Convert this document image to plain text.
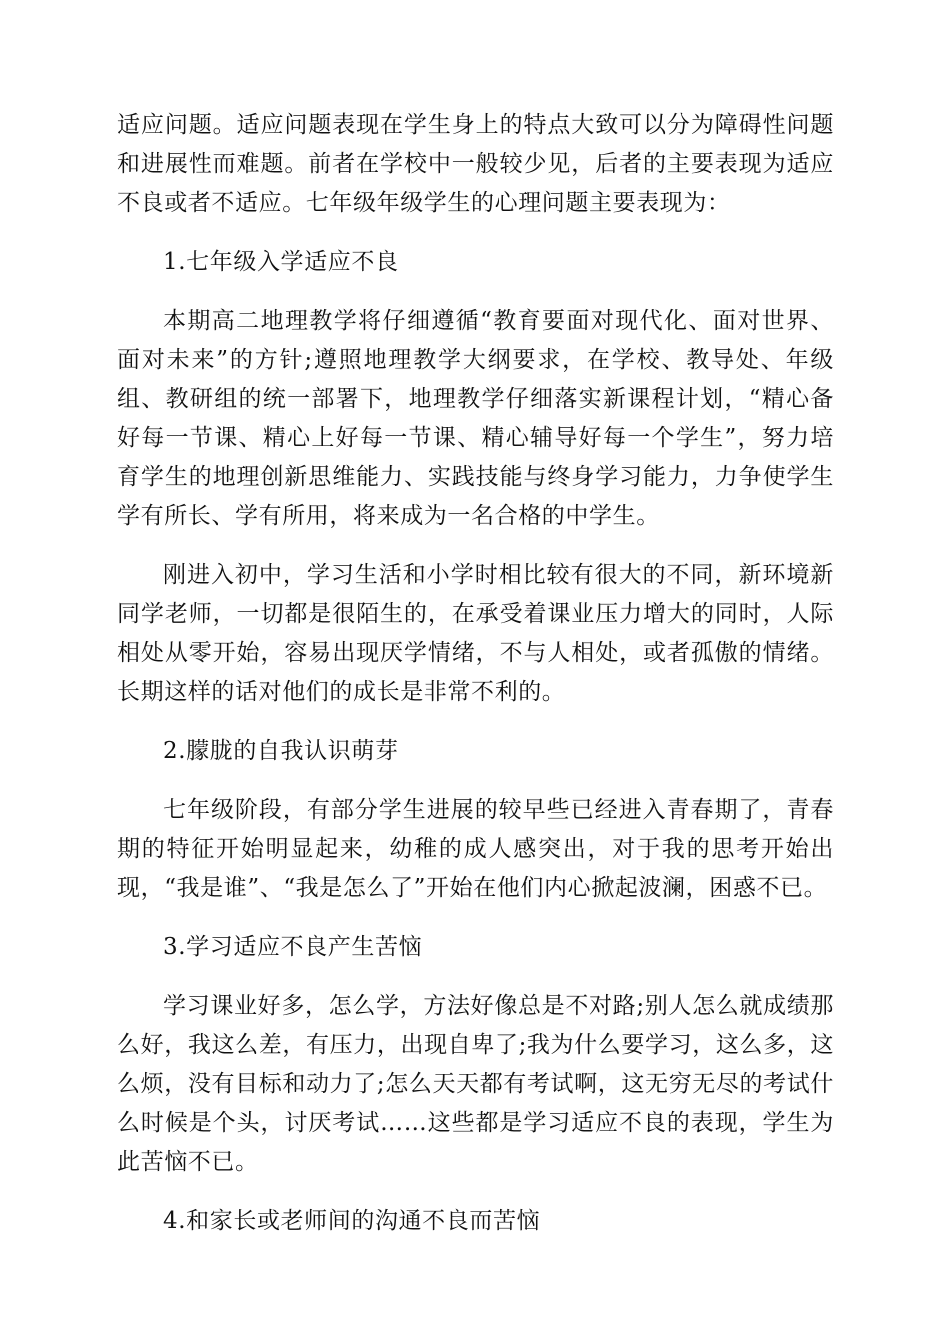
适应问题。适应问题表现在学生身上的特点大致可以分为障碍性问题和进展性而难题。前者在学校中一般较少见，后者的主要表现为适应不良或者不适应。七年级年级学生的心理问题主要表现为：

1.七年级入学适应不良

本期高二地理教学将仔细遵循“教育要面对现代化、面对世界、面对未来”的方针;遵照地理教学大纲要求，在学校、教导处、年级组、教研组的统一部署下，地理教学仔细落实新课程计划，“精心备好每一节课、精心上好每一节课、精心辅导好每一个学生”，努力培育学生的地理创新思维能力、实践技能与终身学习能力，力争使学生学有所长、学有所用，将来成为一名合格的中学生。

刚进入初中，学习生活和小学时相比较有很大的不同，新环境新同学老师，一切都是很陌生的，在承受着课业压力增大的同时，人际相处从零开始，容易出现厌学情绪，不与人相处，或者孤傲的情绪。长期这样的话对他们的成长是非常不利的。

2.朦胧的自我认识萌芽

七年级阶段，有部分学生进展的较早些已经进入青春期了，青春期的特征开始明显起来，幼稚的成人感突出，对于我的思考开始出现，“我是谁”、“我是怎么了”开始在他们内心掀起波澜，困惑不已。

3.学习适应不良产生苦恼

学习课业好多，怎么学，方法好像总是不对路;别人怎么就成绩那么好，我这么差，有压力，出现自卑了;我为什么要学习，这么多，这么烦，没有目标和动力了;怎么天天都有考试啊，这无穷无尽的考试什么时候是个头，讨厌考试……这些都是学习适应不良的表现，学生为此苦恼不已。

4.和家长或老师间的沟通不良而苦恼
